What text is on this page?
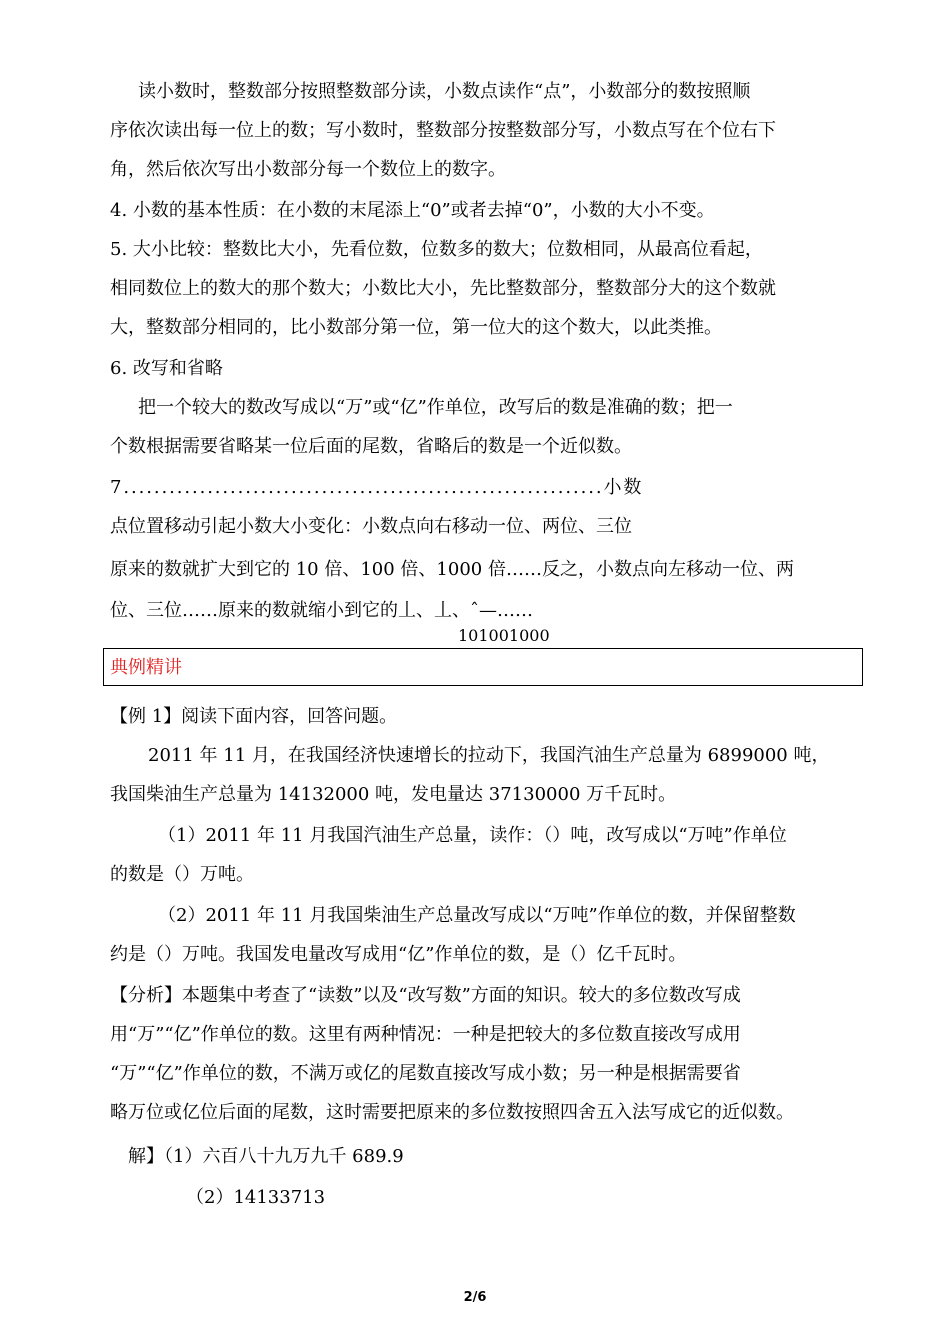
读小数时，整数部分按照整数部分读，小数点读作“点”，小数部分的数按照顺
序依次读出每一位上的数；写小数时，整数部分按整数部分写，小数点写在个位右下
角，然后依次写出小数部分每一个数位上的数字。
4. 小数的基本性质：在小数的末尾添上“0”或者去掉“0”，小数的大小不变。
5. 大小比较：整数比大小，先看位数，位数多的数大；位数相同，从最高位看起，
相同数位上的数大的那个数大；小数比大小，先比整数部分，整数部分大的这个数就
大，整数部分相同的，比小数部分第一位，第一位大的这个数大，以此类推。
6. 改写和省略
把一个较大的数改写成以“万”或“亿”作单位，改写后的数是准确的数；把一
个数根据需要省略某一位后面的尾数，省略后的数是一个近似数。
7...............................................................小数
点位置移动引起小数大小变化：小数点向右移动一位、两位、三位
原来的数就扩大到它的 10 倍、100 倍、1000 倍……反之，小数点向左移动一位、两
位、三位……原来的数就缩小到它的丄、丄、ˆ—……
101001000
典例精讲
【例 1】阅读下面内容，回答问题。
2011 年 11 月，在我国经济快速增长的拉动下，我国汽油生产总量为 6899000 吨，
我国柴油生产总量为 14132000 吨，发电量达 37130000 万千瓦时。
（1）2011 年 11 月我国汽油生产总量，读作：（）吨，改写成以“万吨”作单位
的数是（）万吨。
（2）2011 年 11 月我国柴油生产总量改写成以“万吨”作单位的数，并保留整数
约是（）万吨。我国发电量改写成用“亿”作单位的数，是（）亿千瓦时。
【分析】本题集中考查了“读数”以及“改写数”方面的知识。较大的多位数改写成
用“万”“亿”作单位的数。这里有两种情况：一种是把较大的多位数直接改写成用
“万”“亿”作单位的数，不满万或亿的尾数直接改写成小数；另一种是根据需要省
略万位或亿位后面的尾数，这时需要把原来的多位数按照四舍五入法写成它的近似数。
解】（1）六百八十九万九千 689.9
（2）14133713
2/6
